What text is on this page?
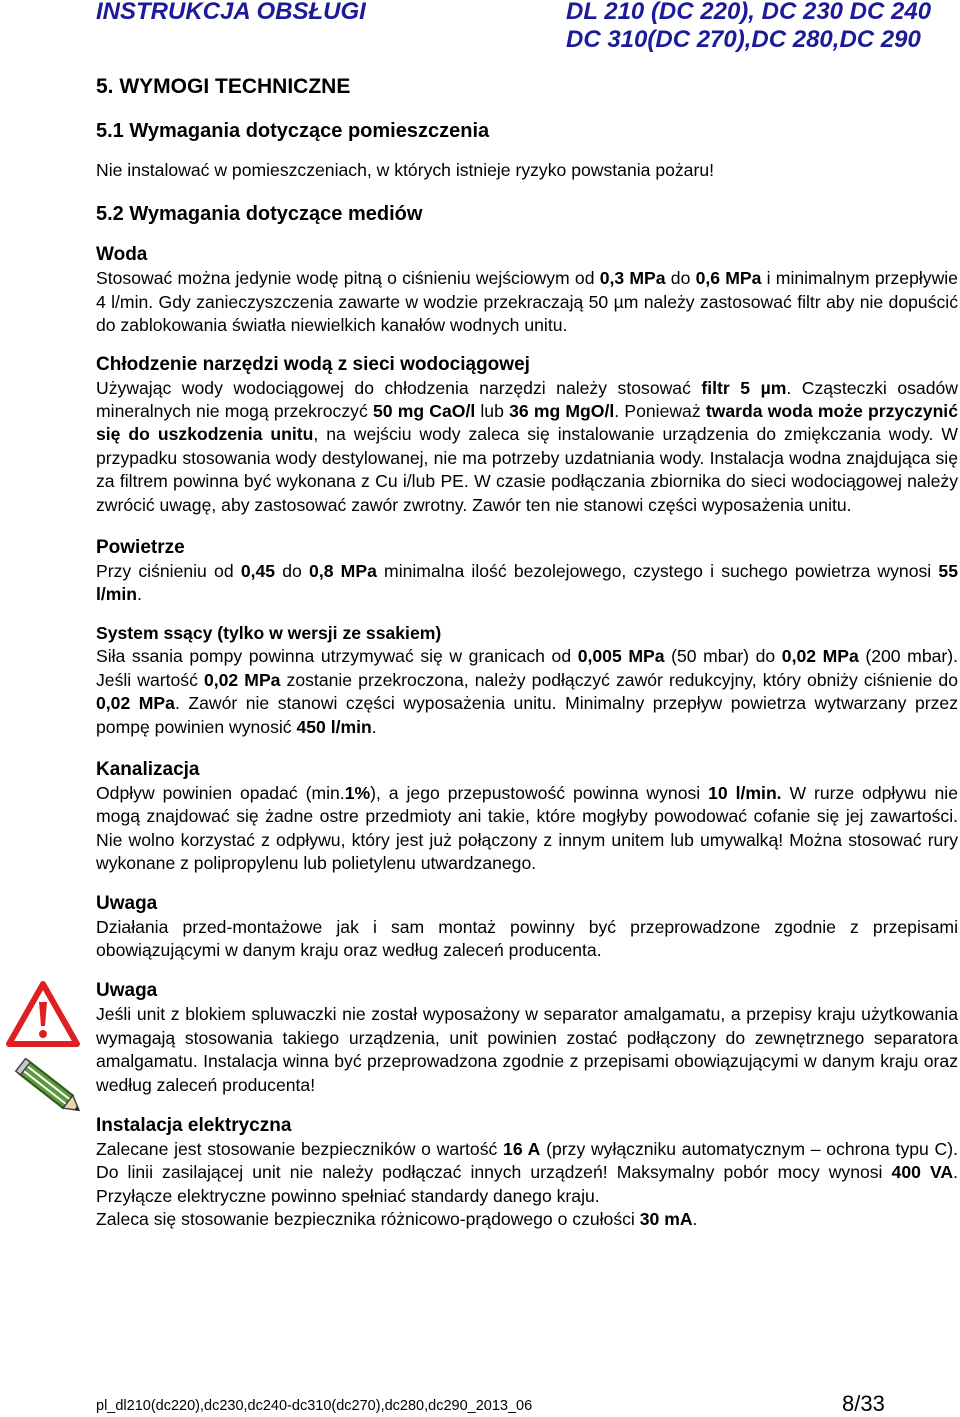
INSTRUKCJA OBSŁUGI	DL 210 (DC 220), DC 230 DC 240
DC 310(DC 270),DC 280,DC 290
5. WYMOGI TECHNICZNE
5.1 Wymagania dotyczące pomieszczenia
Nie instalować w pomieszczeniach, w których istnieje ryzyko powstania pożaru!
5.2 Wymagania dotyczące mediów
Woda

Stosować można jedynie wodę pitną o ciśnieniu wejściowym od 0,3 MPa do 0,6 MPa i minimalnym przepływie 4 l/min. Gdy zanieczyszczenia zawarte w wodzie przekraczają 50 µm należy zastosować filtr aby nie dopuścić do zablokowania światła niewielkich kanałów wodnych unitu.

Chłodzenie narzędzi wodą z sieci wodociągowej

Używając wody wodociągowej do chłodzenia narzędzi należy stosować filtr 5 µm. Cząsteczki osadów mineralnych nie mogą przekroczyć 50 mg CaO/l lub 36 mg MgO/l. Ponieważ twarda woda może przyczynić się do uszkodzenia unitu, na wejściu wody zaleca się instalowanie urządzenia do zmiękczania wody. W przypadku stosowania wody destylowanej, nie ma potrzeby uzdatniania wody. Instalacja wodna znajdująca się za filtrem powinna być wykonana z Cu i/lub PE. W czasie podłączania zbiornika do sieci wodociągowej należy zwrócić uwagę, aby zastosować zawór zwrotny. Zawór ten nie stanowi części wyposażenia unitu.

Powietrze

Przy ciśnieniu od 0,45 do 0,8 MPa minimalna ilość bezolejowego, czystego i suchego powietrza wynosi 55 l/min.

System ssący (tylko w wersji ze ssakiem)

Siła ssania pompy powinna utrzymywać się w granicach od 0,005 MPa (50 mbar) do 0,02 MPa (200 mbar). Jeśli wartość 0,02 MPa zostanie przekroczona, należy podłączyć zawór redukcyjny, który obniży ciśnienie do 0,02 MPa. Zawór nie stanowi części wyposażenia unitu. Minimalny przepływ powietrza wytwarzany przez pompę powinien wynosić 450 l/min.

Kanalizacja

Odpływ powinien opadać (min.1%), a jego przepustowość powinna wynosi 10 l/min. W rurze odpływu nie mogą znajdować się żadne ostre przedmioty ani takie, które mogłyby powodować cofanie się jej zawartości. Nie wolno korzystać z odpływu, który jest już połączony z innym unitem lub umywalką! Można stosować rury wykonane z polipropylenu lub polietylenu utwardzanego.

Uwaga

Działania przed-montażowe jak i sam montaż powinny być przeprowadzone zgodnie z przepisami obowiązującymi w danym kraju oraz według zaleceń producenta.

Uwaga

Jeśli unit z blokiem spluwaczki nie został wyposażony w separator amalgamatu, a przepisy kraju użytkowania wymagają stosowania takiego urządzenia, unit powinien zostać podłączony do zewnętrznego separatora amalgamatu. Instalacja winna być przeprowadzona zgodnie z przepisami obowiązującymi w danym kraju oraz według zaleceń producenta!

Instalacja elektryczna

Zalecane jest stosowanie bezpieczników o wartość 16 A (przy wyłączniku automatycznym – ochrona typu C). Do linii zasilającej unit nie należy podłączać innych urządzeń! Maksymalny pobór mocy wynosi 400 VA. Przyłącze elektryczne powinno spełniać standardy danego kraju.

Zaleca się stosowanie bezpiecznika różnicowo-prądowego o czułości 30 mA.

pl_dl210(dc220),dc230,dc240-dc310(dc270),dc280,dc290_2013_06	8/33
